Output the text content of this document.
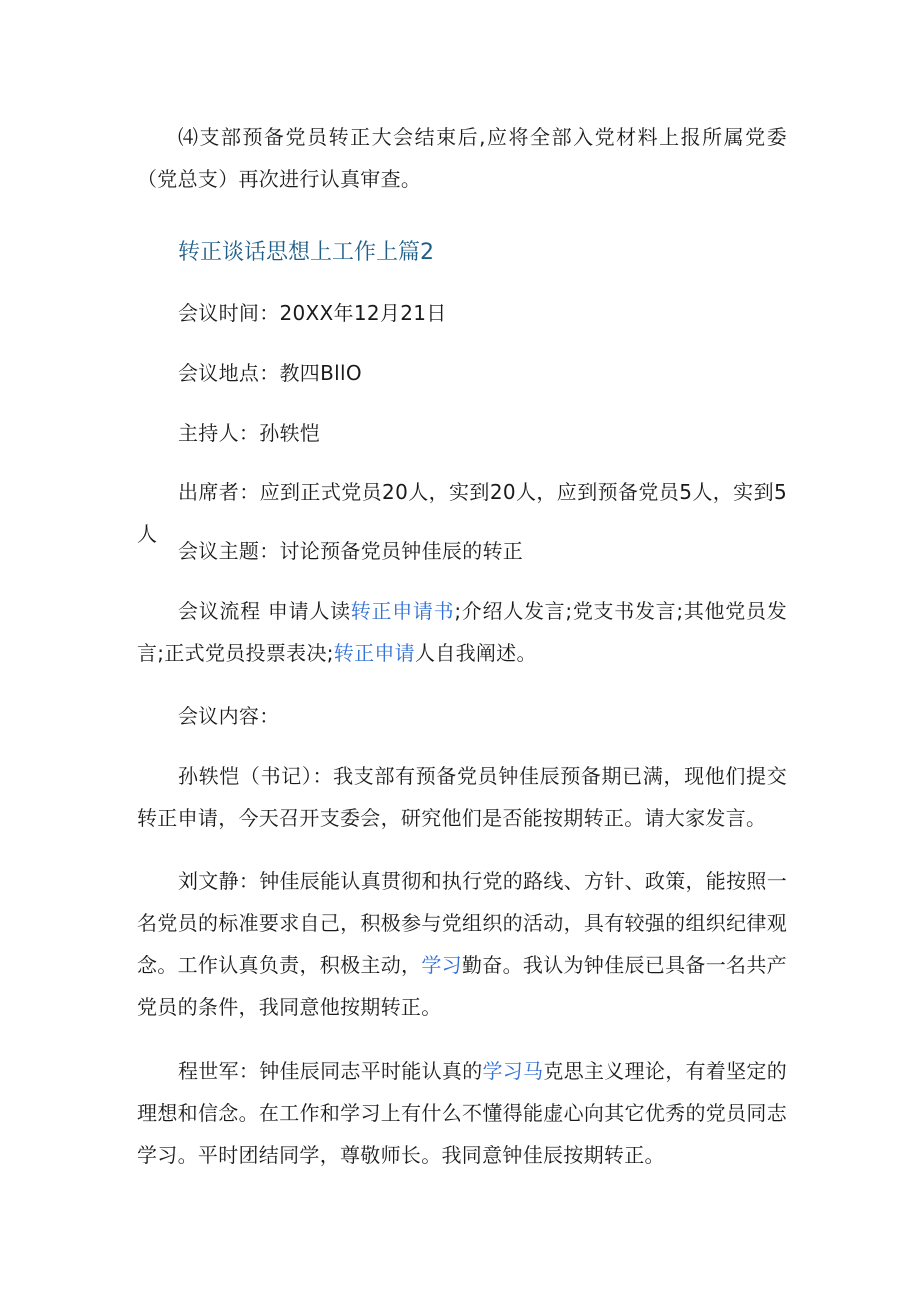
⑷支部预备党员转正大会结束后,应将全部入党材料上报所属党委（党总支）再次进行认真审查。

转正谈话思想上工作上篇2

会议时间：20XX年12月21日

会议地点：教四BllO

主持人：孙轶恺

出席者：应到正式党员20人，实到20人，应到预备党员5人，实到5人

会议主题：讨论预备党员钟佳辰的转正

会议流程 申请人读转正申请书;介绍人发言;党支书发言;其他党员发言;正式党员投票表决;转正申请人自我阐述。

会议内容：

孙轶恺（书记）：我支部有预备党员钟佳辰预备期已满，现他们提交转正申请，今天召开支委会，研究他们是否能按期转正。请大家发言。

刘文静：钟佳辰能认真贯彻和执行党的路线、方针、政策，能按照一名党员的标准要求自己，积极参与党组织的活动，具有较强的组织纪律观念。工作认真负责，积极主动，学习勤奋。我认为钟佳辰已具备一名共产党员的条件，我同意他按期转正。

程世军：钟佳辰同志平时能认真的学习马克思主义理论，有着坚定的理想和信念。在工作和学习上有什么不懂得能虚心向其它优秀的党员同志学习。平时团结同学，尊敬师长。我同意钟佳辰按期转正。
